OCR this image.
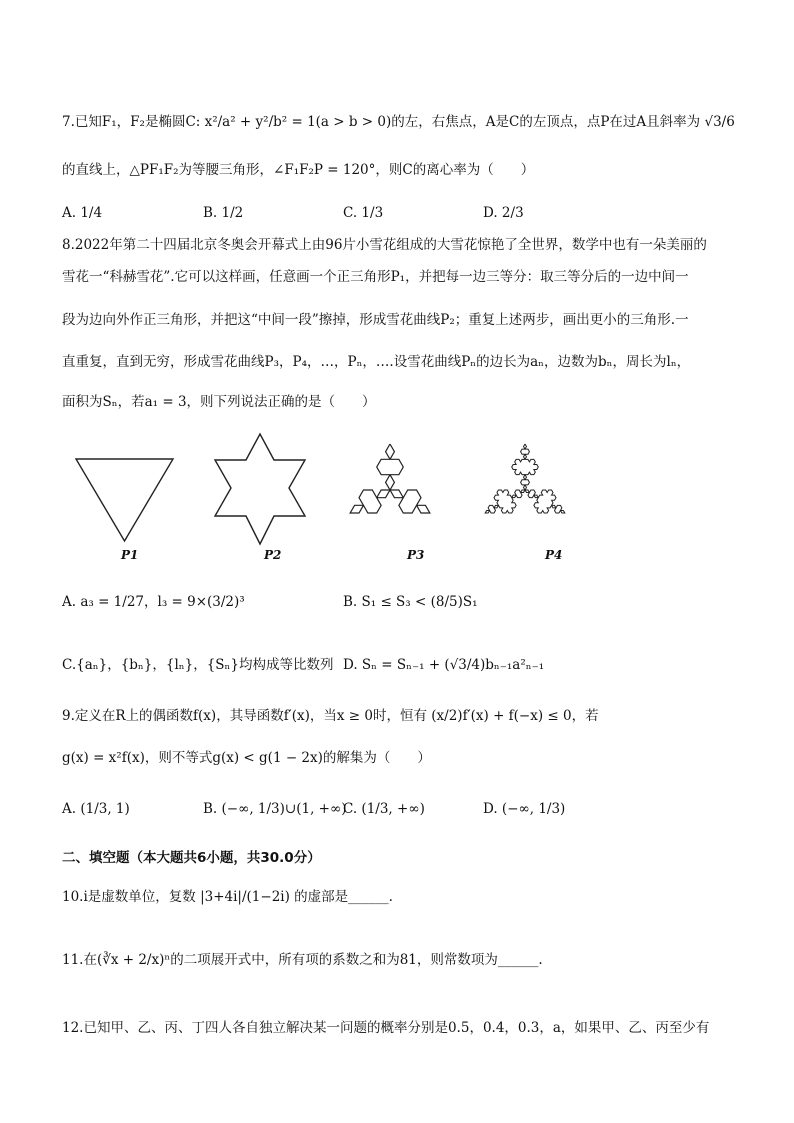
7.已知F₁，F₂是椭圆C: x²/a² + y²/b² = 1(a > b > 0)的左，右焦点，A是C的左顶点，点P在过A且斜率为 √3/6
的直线上，△PF₁F₂为等腰三角形，∠F₁F₂P = 120°，则C的离心率为（　　）
A. 1/4	B. 1/2	C. 1/3	D. 2/3
8.2022年第二十四届北京冬奥会开幕式上由96片小雪花组成的大雪花惊艳了全世界，数学中也有一朵美丽的
雪花一“科赫雪花”.它可以这样画，任意画一个正三角形P₁，并把每一边三等分：取三等分后的一边中间一
段为边向外作正三角形，并把这“中间一段”擦掉，形成雪花曲线P₂；重复上述两步，画出更小的三角形.一
直重复，直到无穷，形成雪花曲线P₃，P₄，…，Pₙ，….设雪花曲线Pₙ的边长为aₙ，边数为bₙ，周长为lₙ，
面积为Sₙ，若a₁ = 3，则下列说法正确的是（　　）
P1	P2	P3	P4
A. a₃ = 1/27，l₃ = 9×(3/2)³	B. S₁ ≤ S₃ < (8/5)S₁
C.{aₙ}，{bₙ}，{lₙ}，{Sₙ}均构成等比数列 D. Sₙ = Sₙ₋₁ + (√3/4)bₙ₋₁a²ₙ₋₁
9.定义在R上的偶函数f(x)，其导函数f′(x)，当x ≥ 0时，恒有 (x/2)f′(x) + f(−x) ≤ 0，若
g(x) = x²f(x)，则不等式g(x) < g(1 − 2x)的解集为（　　）
A. (1/3, 1)	B. (−∞, 1/3)∪(1, +∞)
C. (1/3, +∞)	D. (−∞, 1/3)
二、填空题（本大题共6小题，共30.0分）
10.i是虚数单位，复数 |3+4i|/(1−2i) 的虚部是______.
11.在(∛x + 2/x)ⁿ的二项展开式中，所有项的系数之和为81，则常数项为______.
12.已知甲、乙、丙、丁四人各自独立解决某一问题的概率分别是0.5，0.4，0.3，a，如果甲、乙、丙至少有
